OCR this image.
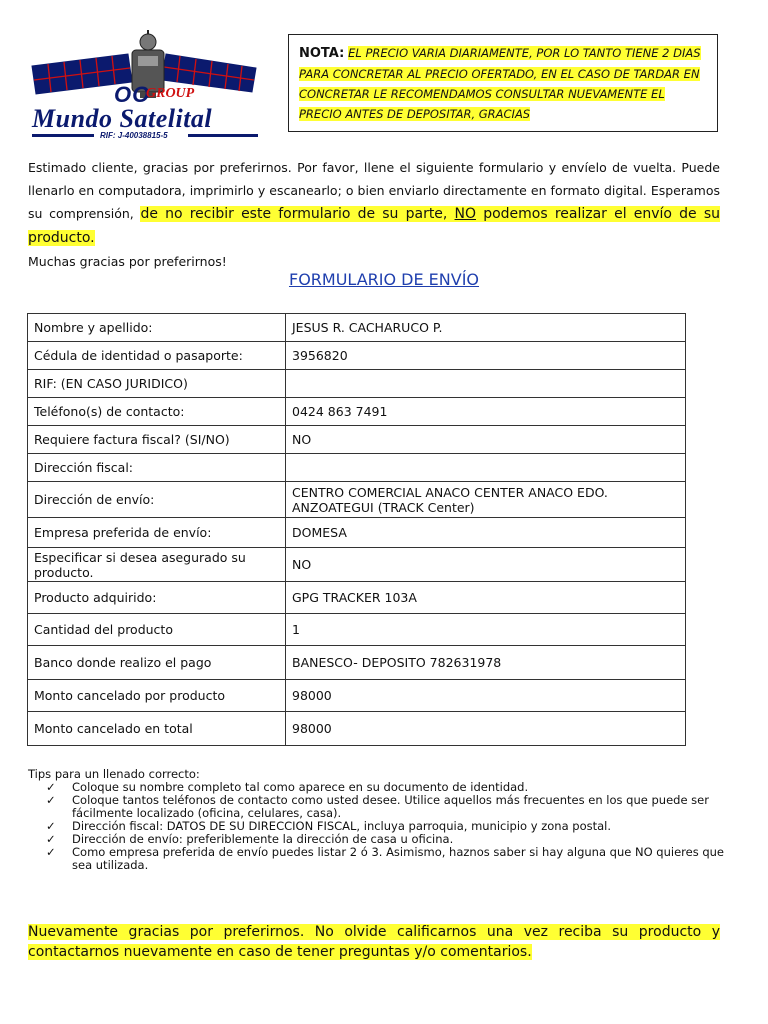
OO
GROUP
Mundo Satelital
RIF: J-40038815-5
NOTA: EL PRECIO VARIA DIARIAMENTE, POR LO TANTO TIENE 2 DIAS PARA CONCRETAR AL PRECIO OFERTADO, EN EL CASO DE TARDAR EN CONCRETAR LE RECOMENDAMOS CONSULTAR NUEVAMENTE EL PRECIO ANTES DE DEPOSITAR, GRACIAS
Estimado cliente, gracias por preferirnos. Por favor, llene el siguiente formulario y envíelo de vuelta. Puede llenarlo en computadora, imprimirlo y escanearlo; o bien enviarlo directamente en formato digital. Esperamos su comprensión, de no recibir este formulario de su parte, NO podemos realizar el envío de su producto.
Muchas gracias por preferirnos!
FORMULARIO DE ENVÍO
Nombre y apellido:	JESUS R. CACHARUCO P.
Cédula de identidad o pasaporte:	3956820
RIF: (EN CASO JURIDICO)	
Teléfono(s) de contacto:	0424 863 7491
Requiere factura fiscal? (SI/NO)	NO
Dirección fiscal:	
Dirección de envío:	CENTRO COMERCIAL ANACO CENTER ANACO EDO. ANZOATEGUI (TRACK Center)
Empresa preferida de envío:	DOMESA
Especificar si desea asegurado su producto.	NO
Producto adquirido:	GPG TRACKER 103A
Cantidad del producto	1
Banco donde realizo el pago	BANESCO- DEPOSITO 782631978
Monto cancelado por producto	98000
Monto cancelado en total	98000
Tips para un llenado correcto:
✓ Coloque su nombre completo tal como aparece en su documento de identidad.
✓ Coloque tantos teléfonos de contacto como usted desee. Utilice aquellos más frecuentes en los que puede ser fácilmente localizado (oficina, celulares, casa).
✓ Dirección fiscal: DATOS DE SU DIRECCION FISCAL, incluya parroquia, municipio y zona postal.
✓ Dirección de envío: preferiblemente la dirección de casa u oficina.
✓ Como empresa preferida de envío puedes listar 2 ó 3. Asimismo, haznos saber si hay alguna que NO quieres que sea utilizada.
Nuevamente gracias por preferirnos. No olvide calificarnos una vez reciba su producto y contactarnos nuevamente en caso de tener preguntas y/o comentarios.
